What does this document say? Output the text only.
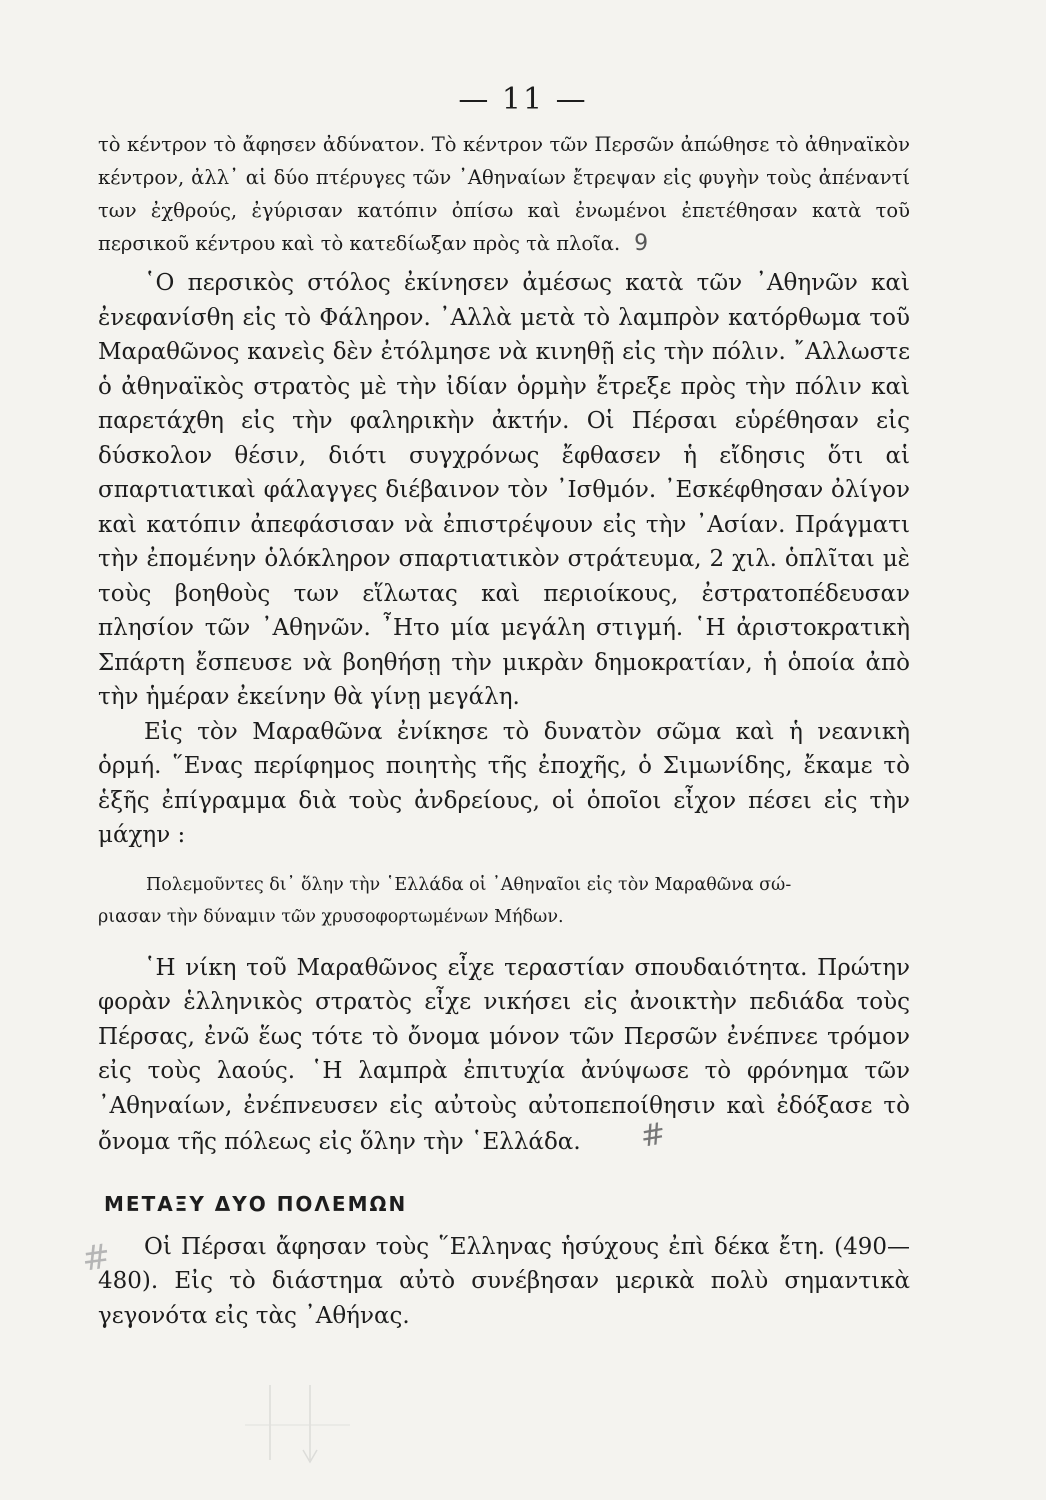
— 11 —
#

τὸ κέντρον τὸ ἄφησεν ἀδύνατον. Τὸ κέντρον τῶν Περσῶν ἀπώθησε τὸ ἀθηναϊκὸν κέντρον, ἀλλ᾽ αἱ δύο πτέρυγες τῶν ᾿Αθηναίων ἔτρεψαν εἰς φυγὴν τοὺς ἀπέναντί των ἐχθρούς, ἐγύρισαν κατόπιν ὀπίσω καὶ ἐνωμένοι ἐπετέθησαν κατὰ τοῦ περσικοῦ κέντρου καὶ τὸ κατεδίωξαν πρὸς τὰ πλοῖα. 9

῾Ο περσικὸς στόλος ἐκίνησεν ἀμέσως κατὰ τῶν ᾿Αθηνῶν καὶ ἐνεφανίσθη εἰς τὸ Φάληρον. ᾿Αλλὰ μετὰ τὸ λαμπρὸν κατόρθωμα τοῦ Μαραθῶνος κανεὶς δὲν ἐτόλμησε νὰ κινηθῇ εἰς τὴν πόλιν. ῎Αλλωστε ὁ ἀθηναϊκὸς στρατὸς μὲ τὴν ἰδίαν ὁρμὴν ἔτρεξε πρὸς τὴν πόλιν καὶ παρετάχθη εἰς τὴν φαληρικὴν ἀκτήν. Οἱ Πέρσαι εὑρέθησαν εἰς δύσκολον θέσιν, διότι συγχρόνως ἔφθασεν ἡ εἴδησις ὅτι αἱ σπαρτιατικαὶ φάλαγγες διέβαινον τὸν ᾿Ισθμόν. ᾿Εσκέφθησαν ὀλίγον καὶ κατόπιν ἀπεφάσισαν νὰ ἐπιστρέψουν εἰς τὴν ᾿Ασίαν. Πράγματι τὴν ἐπομένην ὁλόκληρον σπαρτιατικὸν στράτευμα, 2 χιλ. ὁπλῖται μὲ τοὺς βοηθοὺς των εἵλωτας καὶ περιοίκους, ἐστρατοπέδευσαν πλησίον τῶν ᾿Αθηνῶν. ῏Ητο μία μεγάλη στιγμή. ῾Η ἀριστοκρατικὴ Σπάρτη ἔσπευσε νὰ βοηθήσῃ τὴν μικρὰν δημοκρατίαν, ἡ ὁποία ἀπὸ τὴν ἡμέραν ἐκείνην θὰ γίνῃ μεγάλη.

Εἰς τὸν Μαραθῶνα ἐνίκησε τὸ δυνατὸν σῶμα καὶ ἡ νεανικὴ ὁρμή. ῞Ενας περίφημος ποιητὴς τῆς ἐποχῆς, ὁ Σιμωνίδης, ἔκαμε τὸ ἑξῆς ἐπίγραμμα διὰ τοὺς ἀνδρείους, οἱ ὁποῖοι εἶχον πέσει εἰς τὴν μάχην :

Πολεμοῦντες δι᾽ ὅλην τὴν ῾Ελλάδα οἱ ᾿Αθηναῖοι εἰς τὸν Μαραθῶνα σώ-
ριασαν τὴν δύναμιν τῶν χρυσοφορτωμένων Μήδων.

῾Η νίκη τοῦ Μαραθῶνος εἶχε τεραστίαν σπουδαιότητα. Πρώτην φορὰν ἑλληνικὸς στρατὸς εἶχε νικήσει εἰς ἀνοικτὴν πεδιάδα τοὺς Πέρσας, ἐνῶ ἕως τότε τὸ ὄνομα μόνον τῶν Περσῶν ἐνέπνεε τρόμον εἰς τοὺς λαούς. ῾Η λαμπρὰ ἐπιτυχία ἀνύψωσε τὸ φρόνημα τῶν ᾿Αθηναίων, ἐνέπνευσεν εἰς αὐτοὺς αὐτοπεποίθησιν καὶ ἐδόξασε τὸ ὄνομα τῆς πόλεως εἰς ὅλην τὴν ῾Ελλάδα. #

ΜΕΤΑΞΥ ΔΥΟ ΠΟΛΕΜΩΝ

Οἱ Πέρσαι ἄφησαν τοὺς ῞Ελληνας ἡσύχους ἐπὶ δέκα ἔτη. (490—480). Εἰς τὸ διάστημα αὐτὸ συνέβησαν μερικὰ πολὺ σημαντικὰ γεγονότα εἰς τὰς ᾿Αθήνας.
